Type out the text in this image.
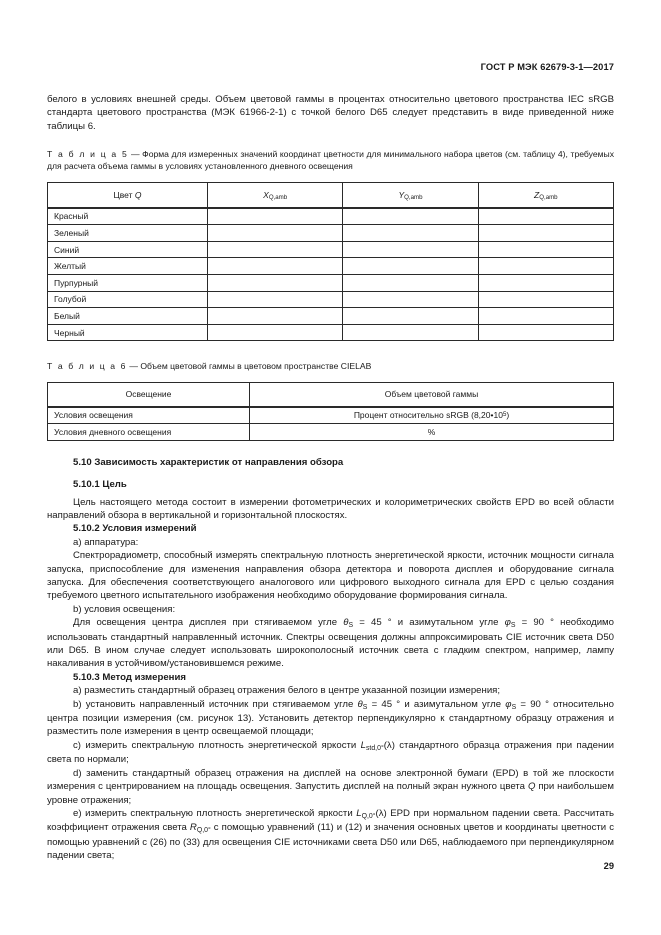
ГОСТ Р МЭК 62679-3-1—2017

белого в условиях внешней среды. Объем цветовой гаммы в процентах относительно цветового пространства IEC sRGB стандарта цветового пространства (МЭК 61966-2-1) с точкой белого D65 следует представить в виде приведенной ниже таблицы 6.

Т а б л и ц а 5 — Форма для измеренных значений координат цветности для минимального набора цветов (см. таблицу 4), требуемых для расчета объема гаммы в условиях установленного дневного освещения

Цвет Q	$X_{Q,amb}$	$Y_{Q,amb}$	$Z_{Q,amb}$
Красный			
Зеленый			
Синий			
Желтый			
Пурпурный			
Голубой			
Белый			
Черный			

Т а б л и ц а 6 — Объем цветовой гаммы в цветовом пространстве CIELAB

Освещение	Объем цветовой гаммы
Условия освещения	Процент относительно sRGB $(8,20•10^5)$
Условия дневного освещения	%
5.10 Зависимость характеристик от направления обзора
5.10.1 Цель

Цель настоящего метода состоит в измерении фотометрических и колориметрических свойств EPD во всей области направлений обзора в вертикальной и горизонтальной плоскостях.

5.10.2 Условия измерений

a) аппаратура:

Спектрорадиометр, способный измерять спектральную плотность энергетической яркости, источник мощности сигнала запуска, приспособление для изменения направления обзора детектора и поворота дисплея и оборудование сигнала запуска. Для обеспечения соответствующего аналогового или цифрового выходного сигнала для EPD с целью создания требуемого цветного испытательного изображения необходимо оборудование формирования сигнала.

b) условия освещения:

Для освещения центра дисплея при стягиваемом угле $\theta_S = 45$ ° и азимутальном угле $\varphi_S = 90$ ° необходимо использовать стандартный направленный источник. Спектры освещения должны аппроксимировать CIE источник света D50 или D65. В ином случае следует использовать широкополосный источник света с гладким спектром, например, лампу накаливания в устойчивом/установившемся режиме.

5.10.3 Метод измерения

a) разместить стандартный образец отражения белого в центре указанной позиции измерения;

b) установить направленный источник при стягиваемом угле $\theta_S = 45$ ° и азимутальном угле $\varphi_S = 90$ ° относительно центра позиции измерения (см. рисунок 13). Установить детектор перпендикулярно к стандартному образцу отражения и разместить поле измерения в центр освещаемой площади;

c) измерить спектральную плотность энергетической яркости $L_{std,0^\circ}(\lambda)$ стандартного образца отражения при падении света по нормали;

d) заменить стандартный образец отражения на дисплей на основе электронной бумаги (EPD) в той же плоскости измерения с центрированием на площадь освещения. Запустить дисплей на полный экран нужного цвета Q при наибольшем уровне отражения;

e) измерить спектральную плотность энергетической яркости $L_{Q,0^\circ}(\lambda)$ EPD при нормальном падении света. Рассчитать коэффициент отражения света $R_{Q,0^\circ}$ с помощью уравнений (11) и (12) и значения основных цветов и координаты цветности с помощью уравнений с (26) по (33) для освещения CIE источниками света D50 или D65, наблюдаемого при перпендикулярном падении света;

29
